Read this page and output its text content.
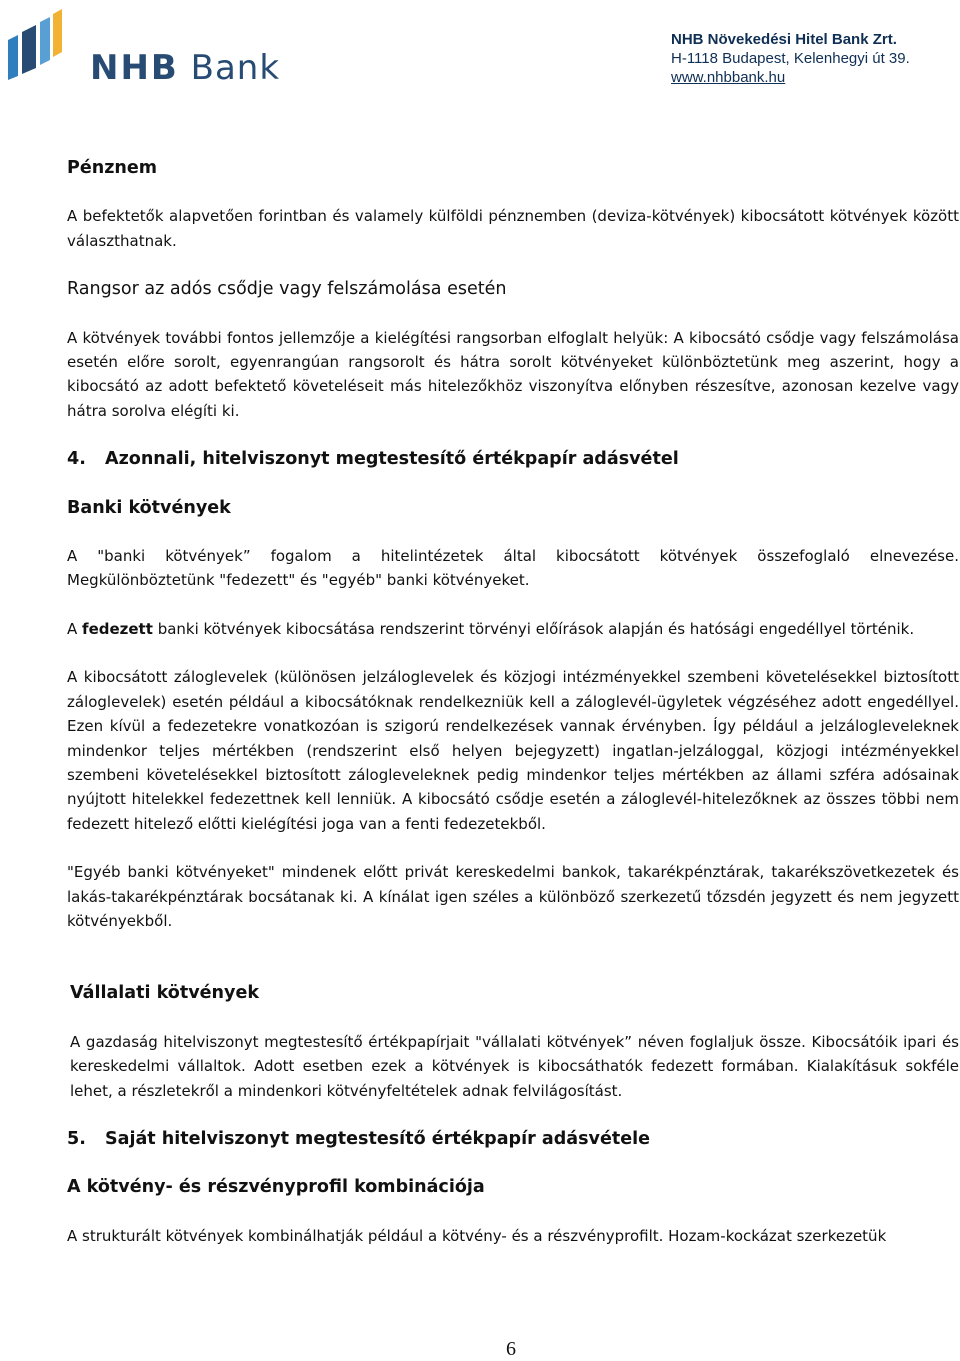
NHB Bank
NHB Növekedési Hitel Bank Zrt.
H-1118 Budapest, Kelenhegyi út 39.
www.nhbbank.hu
Pénznem

A befektetők alapvetően forintban és valamely külföldi pénznemben (deviza-kötvények) kibocsátott kötvények között választhatnak.

Rangsor az adós csődje vagy felszámolása esetén

A kötvények további fontos jellemzője a kielégítési rangsorban elfoglalt helyük: A kibocsátó csődje vagy felszámolása esetén előre sorolt, egyenrangúan rangsorolt és hátra sorolt kötvényeket különböztetünk meg aszerint, hogy a kibocsátó az adott befektető követeléseit más hitelezőkhöz viszonyítva előnyben részesítve, azonosan kezelve vagy hátra sorolva elégíti ki.

4. Azonnali, hitelviszonyt megtestesítő értékpapír adásvétel
Banki kötvények

A "banki kötvények” fogalom a hitelintézetek által kibocsátott kötvények összefoglaló elnevezése. Megkülönböztetünk "fedezett" és "egyéb" banki kötvényeket.

A fedezett banki kötvények kibocsátása rendszerint törvényi előírások alapján és hatósági engedéllyel történik.

A kibocsátott záloglevelek (különösen jelzáloglevelek és közjogi intézményekkel szembeni követelésekkel biztosított záloglevelek) esetén például a kibocsátóknak rendelkezniük kell a záloglevél-ügyletek végzéséhez adott engedéllyel. Ezen kívül a fedezetekre vonatkozóan is szigorú rendelkezések vannak érvényben. Így például a jelzálogleveleknek mindenkor teljes mértékben (rendszerint első helyen bejegyzett) ingatlan-jelzáloggal, közjogi intézményekkel szembeni követelésekkel biztosított zálogleveleknek pedig mindenkor teljes mértékben az állami szféra adósainak nyújtott hitelekkel fedezettnek kell lenniük. A kibocsátó csődje esetén a záloglevél-hitelezőknek az összes többi nem fedezett hitelező előtti kielégítési joga van a fenti fedezetekből.

"Egyéb banki kötvényeket" mindenek előtt privát kereskedelmi bankok, takarékpénztárak, takarékszövetkezetek és lakás-takarékpénztárak bocsátanak ki. A kínálat igen széles a különböző szerkezetű tőzsdén jegyzett és nem jegyzett kötvényekből.

Vállalati kötvények

A gazdaság hitelviszonyt megtestesítő értékpapírjait "vállalati kötvények” néven foglaljuk össze. Kibocsátóik ipari és kereskedelmi vállaltok. Adott esetben ezek a kötvények is kibocsáthatók fedezett formában. Kialakításuk sokféle lehet, a részletekről a mindenkori kötvényfeltételek adnak felvilágosítást.

5. Saját hitelviszonyt megtestesítő értékpapír adásvétele
A kötvény- és részvényprofil kombinációja

A strukturált kötvények kombinálhatják például a kötvény- és a részvényprofilt. Hozam-kockázat szerkezetük

6
